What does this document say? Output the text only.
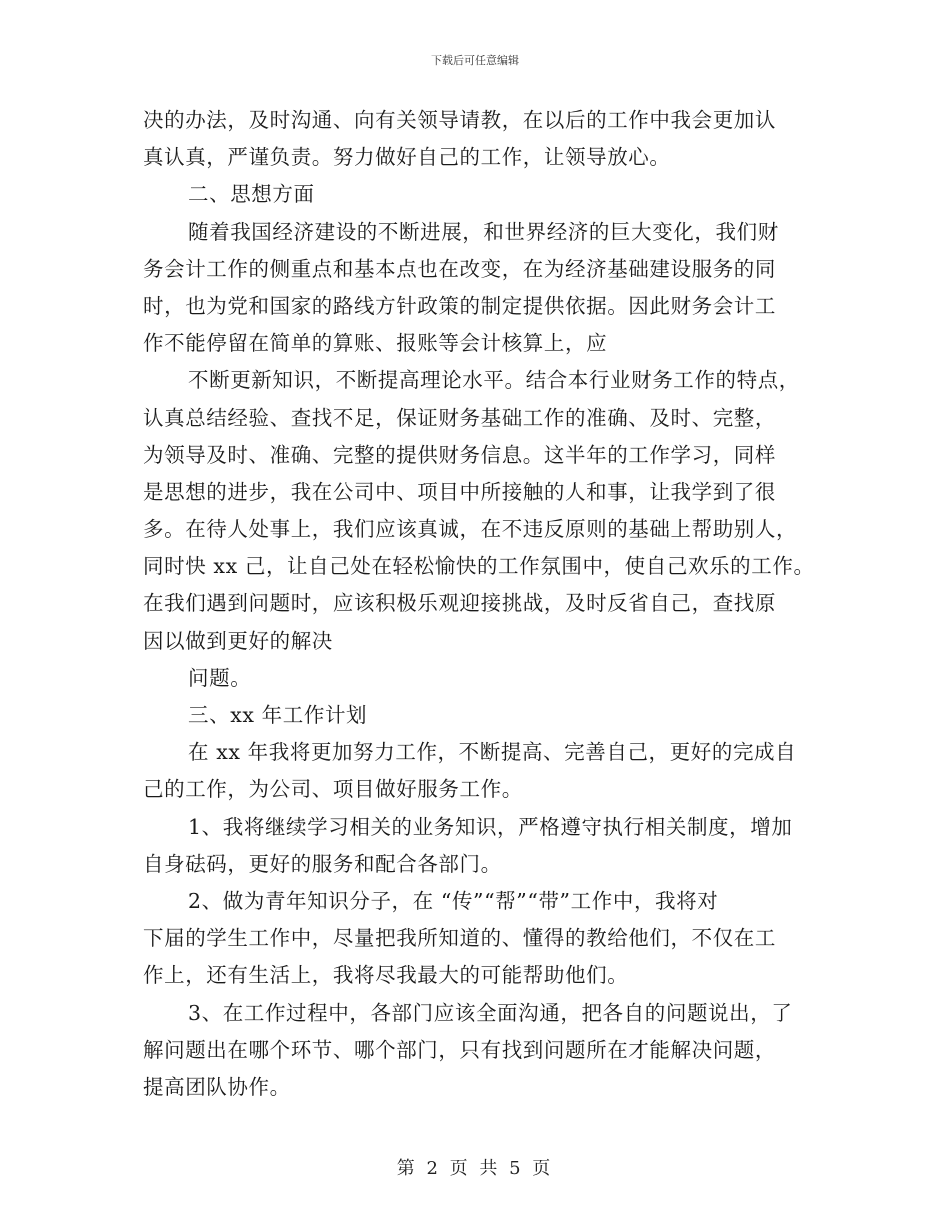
下载后可任意编辑
决的办法，及时沟通、向有关领导请教，在以后的工作中我会更加认
真认真，严谨负责。努力做好自己的工作，让领导放心。
二、思想方面
随着我国经济建设的不断进展，和世界经济的巨大变化，我们财
务会计工作的侧重点和基本点也在改变，在为经济基础建设服务的同
时，也为党和国家的路线方针政策的制定提供依据。因此财务会计工
作不能停留在简单的算账、报账等会计核算上，应
不断更新知识，不断提高理论水平。结合本行业财务工作的特点，
认真总结经验、查找不足，保证财务基础工作的准确、及时、完整，
为领导及时、准确、完整的提供财务信息。这半年的工作学习，同样
是思想的进步，我在公司中、项目中所接触的人和事，让我学到了很
多。在待人处事上，我们应该真诚，在不违反原则的基础上帮助别人，
同时快 xx 己，让自己处在轻松愉快的工作氛围中，使自己欢乐的工作。
在我们遇到问题时，应该积极乐观迎接挑战，及时反省自己，查找原
因以做到更好的解决
问题。
三、xx 年工作计划
在 xx 年我将更加努力工作，不断提高、完善自己，更好的完成自
己的工作，为公司、项目做好服务工作。
1、我将继续学习相关的业务知识，严格遵守执行相关制度，增加
自身砝码，更好的服务和配合各部门。
2、做为青年知识分子，在 “传”“帮”“带”工作中，我将对
下届的学生工作中，尽量把我所知道的、懂得的教给他们，不仅在工
作上，还有生活上，我将尽我最大的可能帮助他们。
3、在工作过程中，各部门应该全面沟通，把各自的问题说出，了
解问题出在哪个环节、哪个部门，只有找到问题所在才能解决问题，
提高团队协作。
第 2 页 共 5 页
